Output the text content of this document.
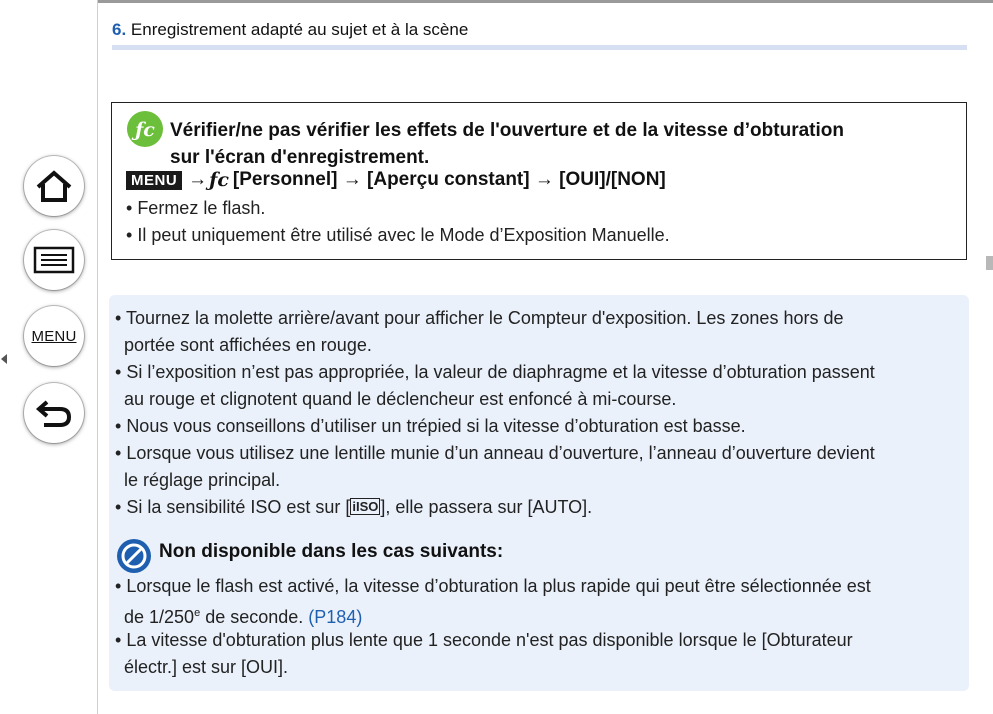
MENU
6. Enregistrement adapté au sujet et à la scène
ƒc Vérifier/ne pas vérifier les effets de l'ouverture et de la vitesse d’obturation
sur l'écran d'enregistrement.
MENU → ƒc [Personnel]
→
[Aperçu constant]
→
[OUI]/[NON]
• Fermez le flash.
• Il peut uniquement être utilisé avec le Mode d’Exposition Manuelle.
• Tournez la molette arrière/avant pour afficher le Compteur d'exposition. Les zones hors de
portée sont affichées en rouge.
• Si l’exposition n’est pas appropriée, la valeur de diaphragme et la vitesse d’obturation passent
au rouge et clignotent quand le déclencheur est enfoncé à mi-course.
• Nous vous conseillons d’utiliser un trépied si la vitesse d’obturation est basse.
• Lorsque vous utilisez une lentille munie d’un anneau d’ouverture, l’anneau d’ouverture devient
le réglage principal.
• Si la sensibilité ISO est sur [ iISO ], elle passera sur [AUTO].
Non disponible dans les cas suivants:
• Lorsque le flash est activé, la vitesse d’obturation la plus rapide qui peut être sélectionnée est
de 1/250e de seconde. (P184)
• La vitesse d'obturation plus lente que 1 seconde n'est pas disponible lorsque le [Obturateur
électr.] est sur [OUI].
